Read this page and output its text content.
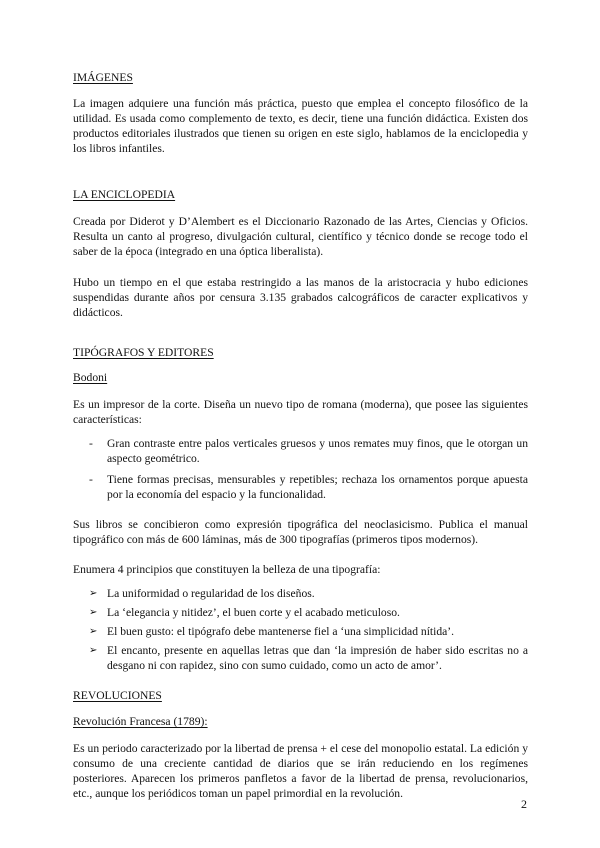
IMÁGENES

La imagen adquiere una función más práctica, puesto que emplea el concepto filosófico de la utilidad. Es usada como complemento de texto, es decir, tiene una función didáctica. Existen dos productos editoriales ilustrados que tienen su origen en este siglo, hablamos de la enciclopedia y los libros infantiles.

LA ENCICLOPEDIA

Creada por Diderot y D’Alembert es el Diccionario Razonado de las Artes, Ciencias y Oficios. Resulta un canto al progreso, divulgación cultural, científico y técnico donde se recoge todo el saber de la época (integrado en una óptica liberalista).

Hubo un tiempo en el que estaba restringido a las manos de la aristocracia y hubo ediciones suspendidas durante años por censura 3.135 grabados calcográficos de caracter explicativos y didácticos.

TIPÓGRAFOS Y EDITORES
Bodoni

Es un impresor de la corte. Diseña un nuevo tipo de romana (moderna), que posee las siguientes características:

- Gran contraste entre palos verticales gruesos y unos remates muy finos, que le otorgan un aspecto geométrico.
- Tiene formas precisas, mensurables y repetibles; rechaza los ornamentos porque apuesta por la economía del espacio y la funcionalidad.

Sus libros se concibieron como expresión tipográfica del neoclasicismo. Publica el manual tipográfico con más de 600 láminas, más de 300 tipografías (primeros tipos modernos).

Enumera 4 principios que constituyen la belleza de una tipografía:

➢ La uniformidad o regularidad de los diseños.
➢ La ‘elegancia y nitidez’, el buen corte y el acabado meticuloso.
➢ El buen gusto: el tipógrafo debe mantenerse fiel a ‘una simplicidad nítida’.
➢ El encanto, presente en aquellas letras que dan ‘la impresión de haber sido escritas no a desgano ni con rapidez, sino con sumo cuidado, como un acto de amor’.
REVOLUCIONES
Revolución Francesa (1789):

Es un periodo caracterizado por la libertad de prensa + el cese del monopolio estatal. La edición y consumo de una creciente cantidad de diarios que se irán reduciendo en los regímenes posteriores. Aparecen los primeros panfletos a favor de la libertad de prensa, revolucionarios, etc., aunque los periódicos toman un papel primordial en la revolución.

2
